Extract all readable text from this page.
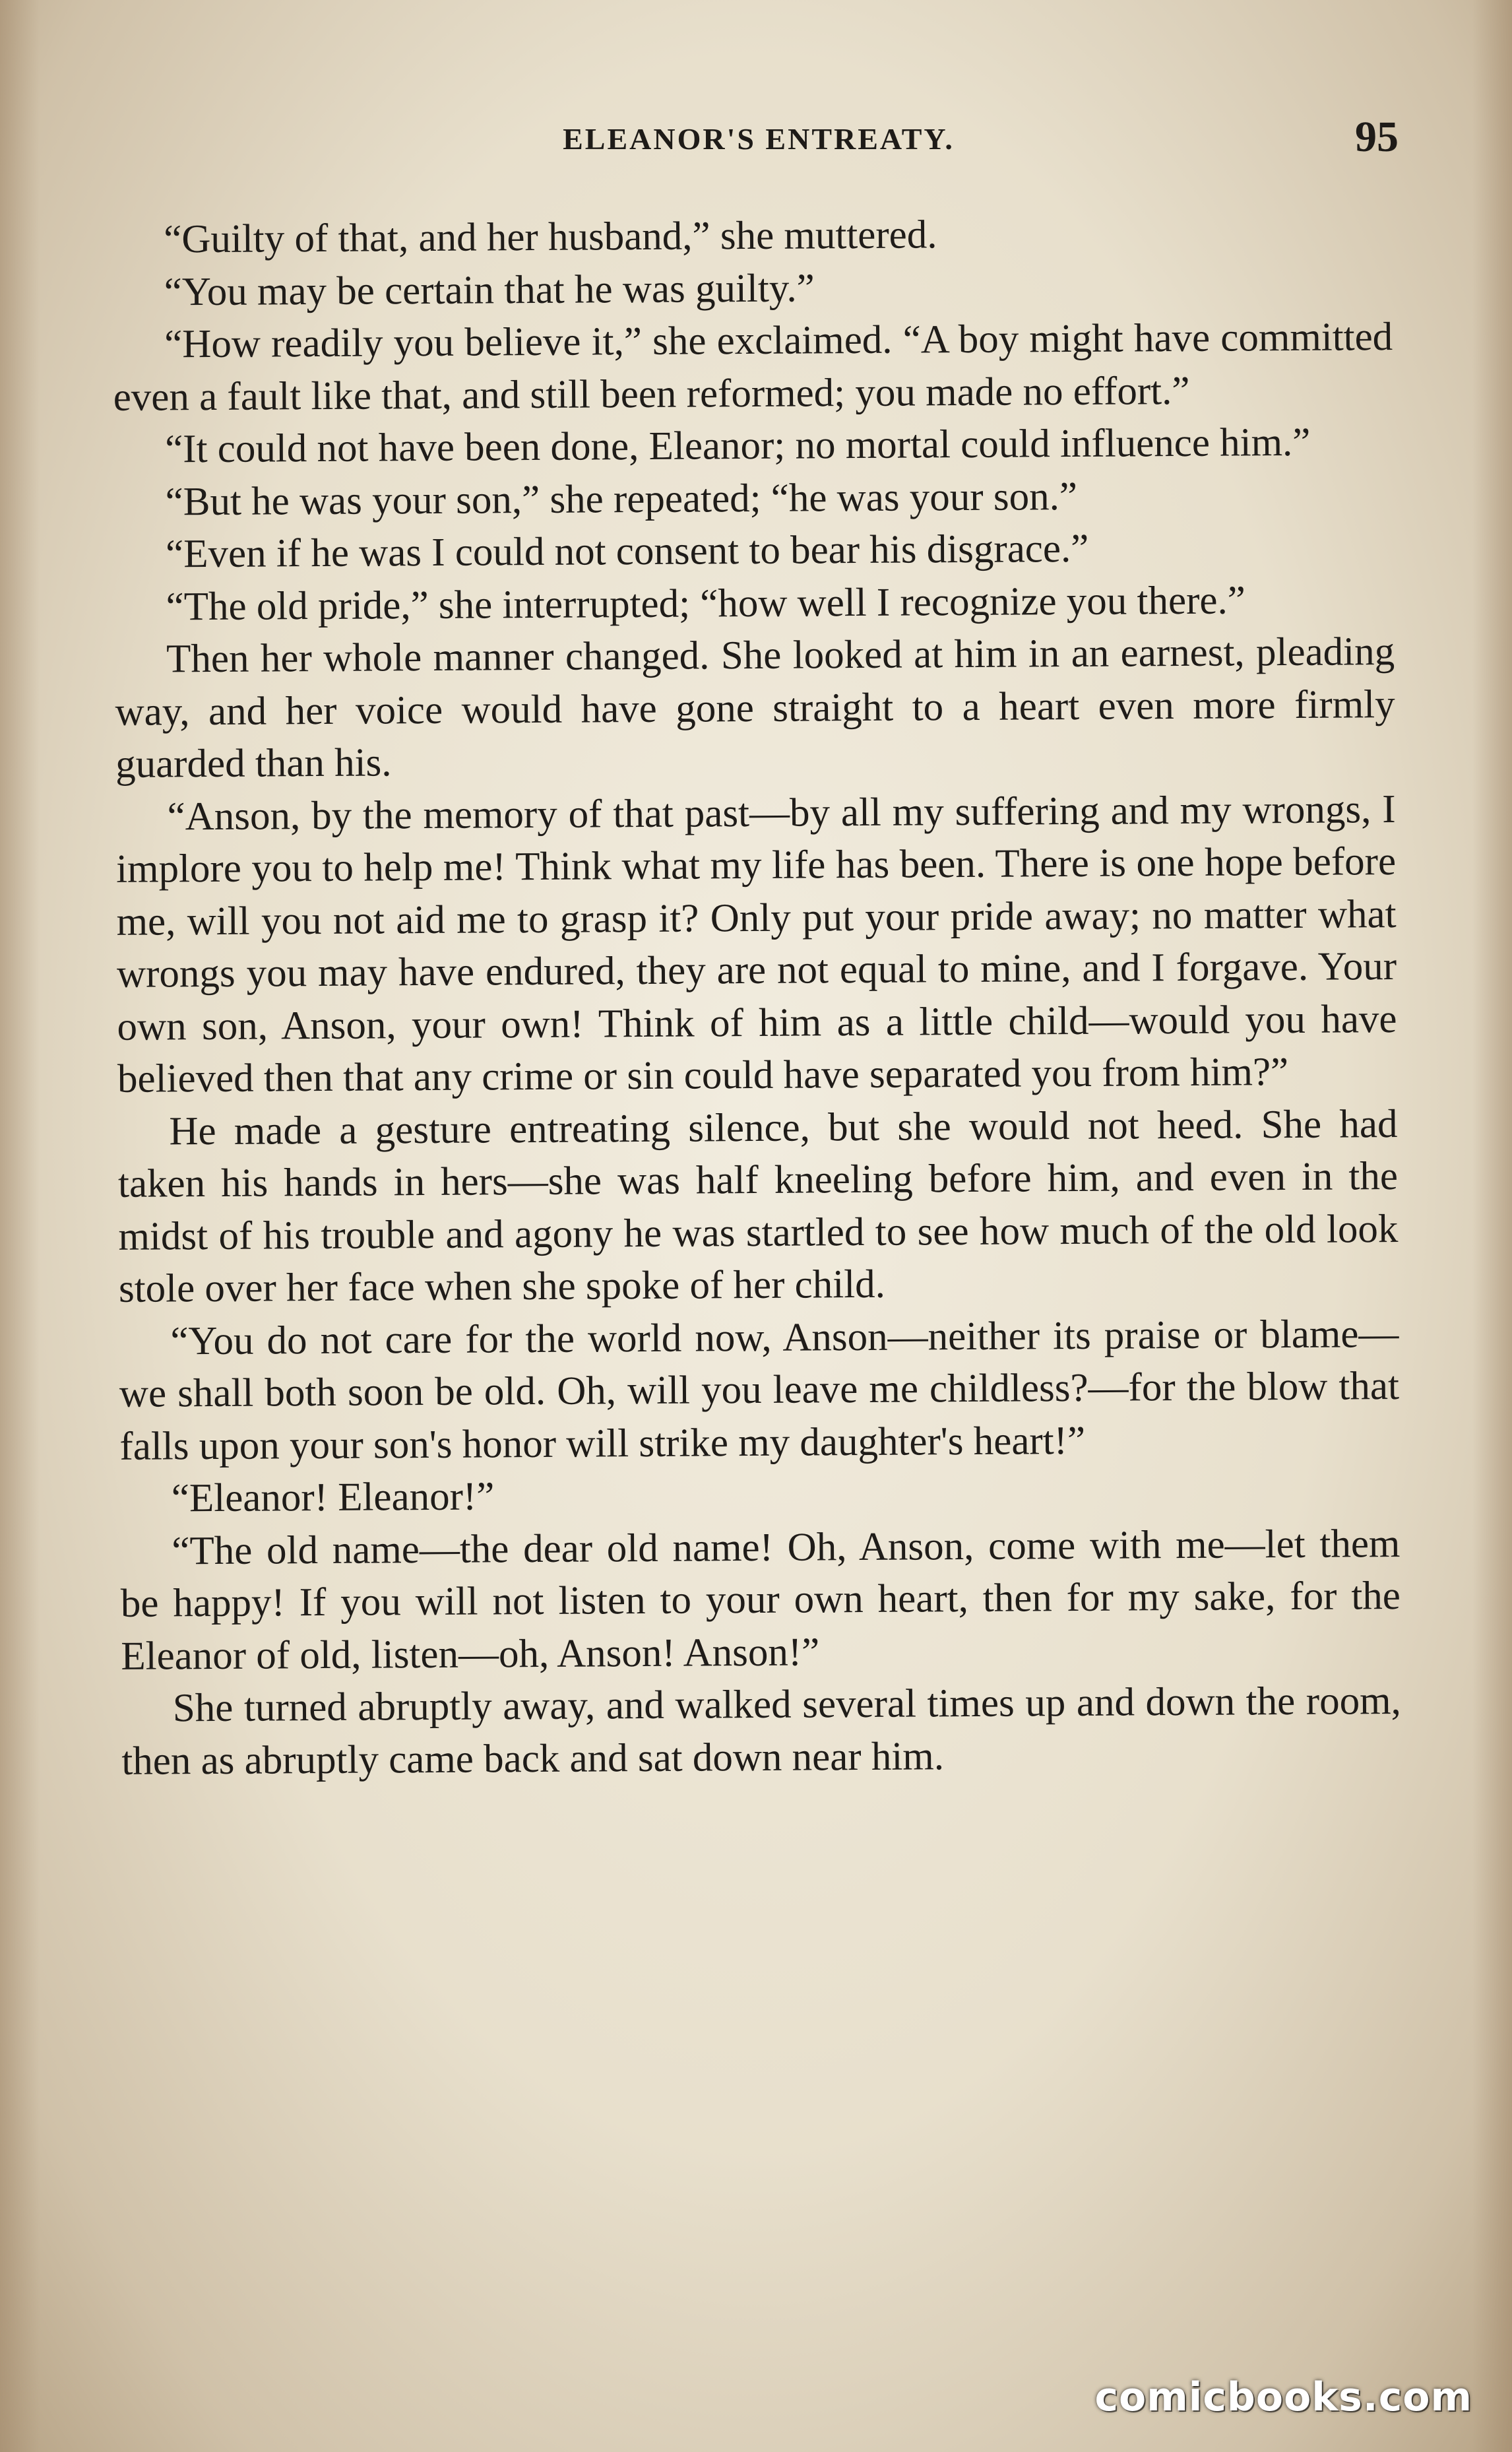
ELEANOR'S ENTREATY.	95

“Guilty of that, and her husband,” she muttered.

“You may be certain that he was guilty.”

“How readily you believe it,” she exclaimed. “A boy might have committed even a fault like that, and still been reformed; you made no effort.”

“It could not have been done, Eleanor; no mortal could influence him.”

“But he was your son,” she repeated; “he was your son.”

“Even if he was I could not consent to bear his disgrace.”

“The old pride,” she interrupted; “how well I recognize you there.”

Then her whole manner changed. She looked at him in an earnest, pleading way, and her voice would have gone straight to a heart even more firmly guarded than his.

“Anson, by the memory of that past—by all my suffering and my wrongs, I implore you to help me! Think what my life has been. There is one hope before me, will you not aid me to grasp it? Only put your pride away; no matter what wrongs you may have endured, they are not equal to mine, and I forgave. Your own son, Anson, your own! Think of him as a little child—would you have believed then that any crime or sin could have separated you from him?”

He made a gesture entreating silence, but she would not heed. She had taken his hands in hers—she was half kneeling before him, and even in the midst of his trouble and agony he was startled to see how much of the old look stole over her face when she spoke of her child.

“You do not care for the world now, Anson—neither its praise or blame—we shall both soon be old. Oh, will you leave me childless?—for the blow that falls upon your son's honor will strike my daughter's heart!”

“Eleanor! Eleanor!”

“The old name—the dear old name! Oh, Anson, come with me—let them be happy! If you will not listen to your own heart, then for my sake, for the Eleanor of old, listen—oh, Anson! Anson!”

She turned abruptly away, and walked several times up and down the room, then as abruptly came back and sat down near him.

comicbooks.com
